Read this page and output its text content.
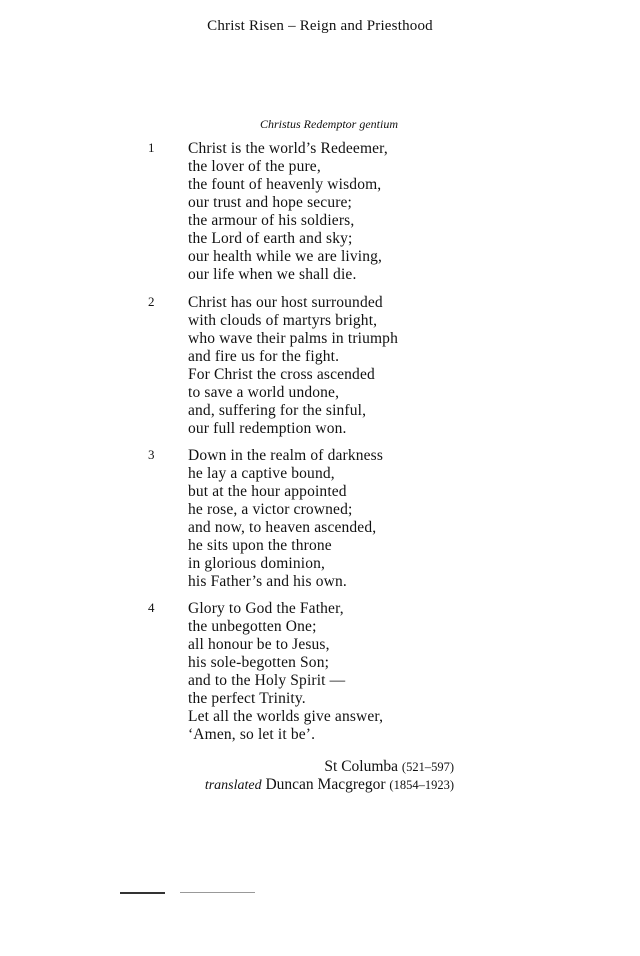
Christ Risen – Reign and Priesthood
Christus Redemptor gentium
1 Christ is the world’s Redeemer,
the lover of the pure,
the fount of heavenly wisdom,
our trust and hope secure;
the armour of his soldiers,
the Lord of earth and sky;
our health while we are living,
our life when we shall die.
2 Christ has our host surrounded
with clouds of martyrs bright,
who wave their palms in triumph
and fire us for the fight.
For Christ the cross ascended
to save a world undone,
and, suffering for the sinful,
our full redemption won.
3 Down in the realm of darkness
he lay a captive bound,
but at the hour appointed
he rose, a victor crowned;
and now, to heaven ascended,
he sits upon the throne
in glorious dominion,
his Father’s and his own.
4 Glory to God the Father,
the unbegotten One;
all honour be to Jesus,
his sole-begotten Son;
and to the Holy Spirit —
the perfect Trinity.
Let all the worlds give answer,
‘Amen, so let it be’.
St Columba (521–597)
translated Duncan Macgregor (1854–1923)
